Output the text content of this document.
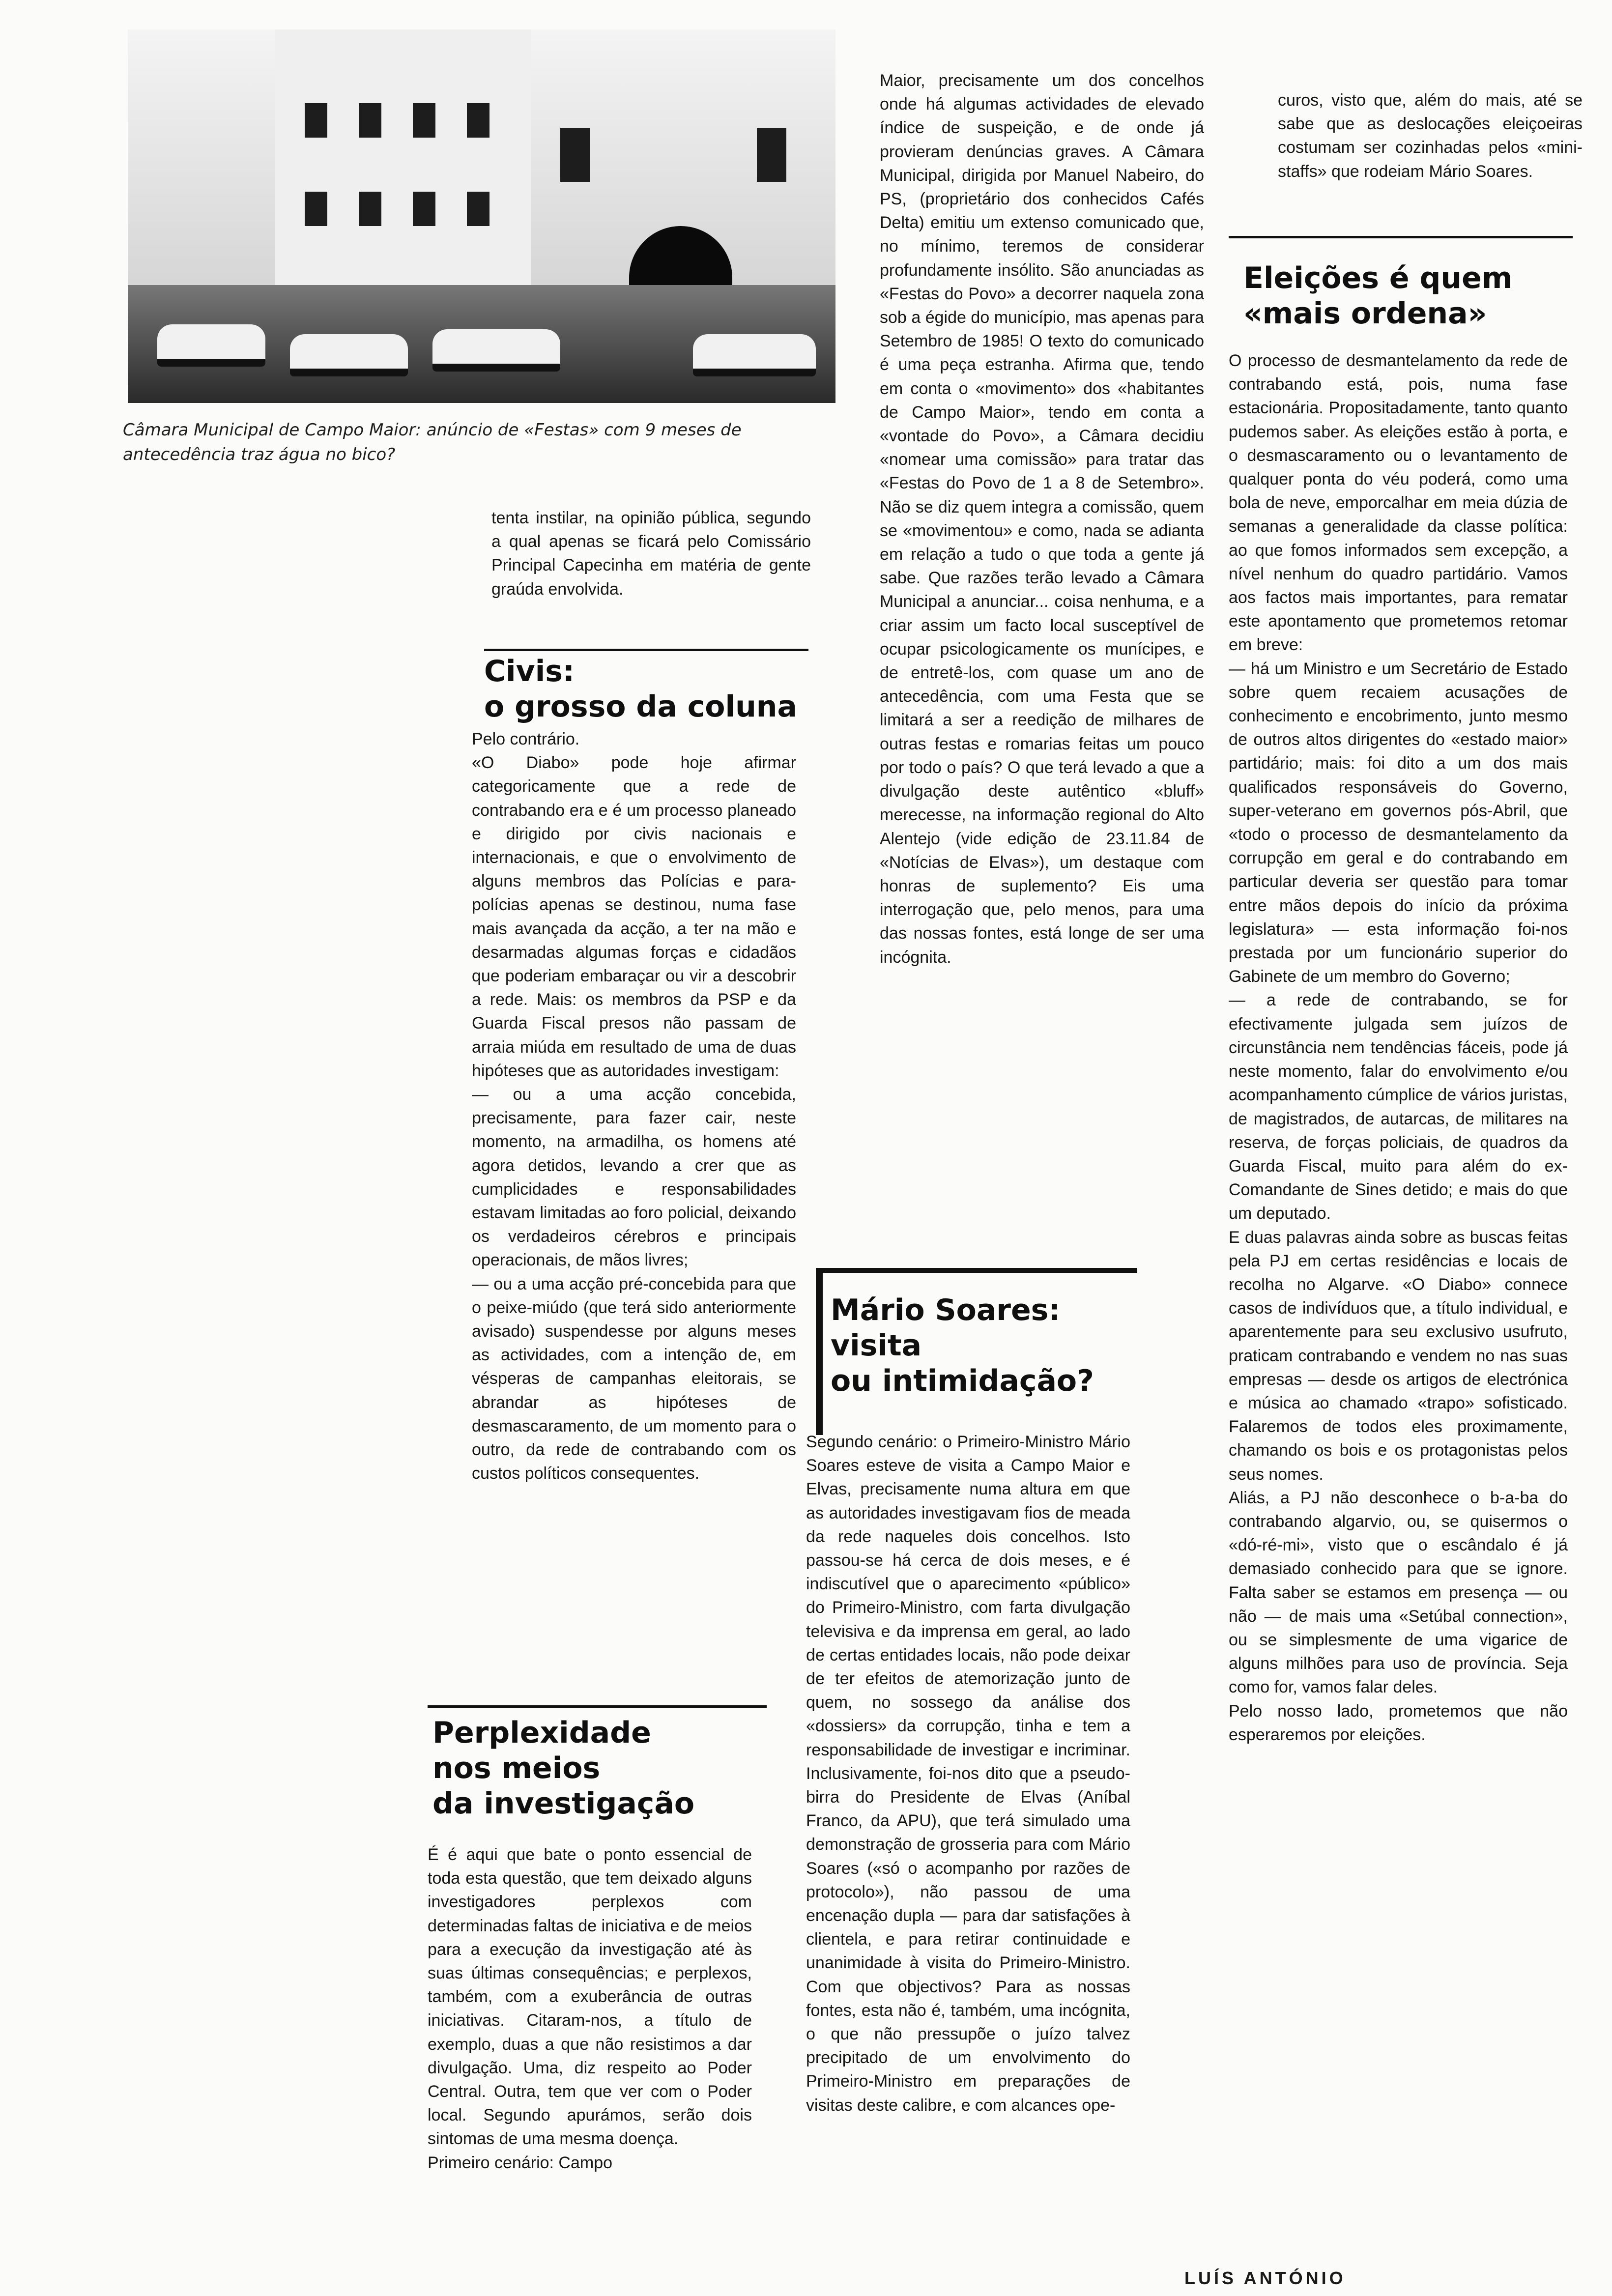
Câmara Municipal de Campo Maior: anúncio de «Festas» com 9 meses de antecedência traz água no bico?

tenta instilar, na opinião pública, segundo a qual apenas se ficará pelo Comissário Principal Capecinha em matéria de gente graúda envolvida.

Civis:
o grosso da coluna

Pelo contrário.

«O Diabo» pode hoje afirmar categoricamente que a rede de contrabando era e é um processo planeado e dirigido por civis nacionais e internacionais, e que o envolvimento de alguns membros das Polícias e para-polícias apenas se destinou, numa fase mais avançada da acção, a ter na mão e desarmadas algumas forças e cidadãos que poderiam embaraçar ou vir a descobrir a rede. Mais: os membros da PSP e da Guarda Fiscal presos não passam de arraia miúda em resultado de uma de duas hipóteses que as autoridades investigam:

— ou a uma acção concebida, precisamente, para fazer cair, neste momento, na armadilha, os homens até agora detidos, levando a crer que as cumplicidades e responsabilidades estavam limitadas ao foro policial, deixando os verdadeiros cérebros e principais operacionais, de mãos livres;

— ou a uma acção pré-concebida para que o peixe-miúdo (que terá sido anteriormente avisado) suspendesse por alguns meses as actividades, com a intenção de, em vésperas de campanhas eleitorais, se abrandar as hipóteses de desmascaramento, de um momento para o outro, da rede de contrabando com os custos políticos consequentes.

Perplexidade
nos meios
da investigação

É é aqui que bate o ponto essencial de toda esta questão, que tem deixado alguns investigadores perplexos com determinadas faltas de iniciativa e de meios para a execução da investigação até às suas últimas consequências; e perplexos, também, com a exuberância de outras iniciativas. Citaram-nos, a título de exemplo, duas a que não resistimos a dar divulgação. Uma, diz respeito ao Poder Central. Outra, tem que ver com o Poder local. Segundo apurámos, serão dois sintomas de uma mesma doença.

Primeiro cenário: Campo

Maior, precisamente um dos concelhos onde há algumas actividades de elevado índice de suspeição, e de onde já provieram denúncias graves. A Câmara Municipal, dirigida por Manuel Nabeiro, do PS, (proprietário dos conhecidos Cafés Delta) emitiu um extenso comunicado que, no mínimo, teremos de considerar profundamente insólito. São anunciadas as «Festas do Povo» a decorrer naquela zona sob a égide do município, mas apenas para Setembro de 1985! O texto do comunicado é uma peça estranha. Afirma que, tendo em conta o «movimento» dos «habitantes de Campo Maior», tendo em conta a «vontade do Povo», a Câmara decidiu «nomear uma comissão» para tratar das «Festas do Povo de 1 a 8 de Setembro». Não se diz quem integra a comissão, quem se «movimentou» e como, nada se adianta em relação a tudo o que toda a gente já sabe. Que razões terão levado a Câmara Municipal a anunciar... coisa nenhuma, e a criar assim um facto local susceptível de ocupar psicologicamente os munícipes, e de entretê-los, com quase um ano de antecedência, com uma Festa que se limitará a ser a reedição de milhares de outras festas e romarias feitas um pouco por todo o país? O que terá levado a que a divulgação deste autêntico «bluff» merecesse, na informação regional do Alto Alentejo (vide edição de 23.11.84 de «Notícias de Elvas»), um destaque com honras de suplemento? Eis uma interrogação que, pelo menos, para uma das nossas fontes, está longe de ser uma incógnita.

Mário Soares:
visita
ou intimidação?

Segundo cenário: o Primeiro-Ministro Mário Soares esteve de visita a Campo Maior e Elvas, precisamente numa altura em que as autoridades investigavam fios de meada da rede naqueles dois concelhos. Isto passou-se há cerca de dois meses, e é indiscutível que o aparecimento «público» do Primeiro-Ministro, com farta divulgação televisiva e da imprensa em geral, ao lado de certas entidades locais, não pode deixar de ter efeitos de atemorização junto de quem, no sossego da análise dos «dossiers» da corrupção, tinha e tem a responsabilidade de investigar e incriminar. Inclusivamente, foi-nos dito que a pseudo-birra do Presidente de Elvas (Aníbal Franco, da APU), que terá simulado uma demonstração de grosseria para com Mário Soares («só o acompanho por razões de protocolo»), não passou de uma encenação dupla — para dar satisfações à clientela, e para retirar continuidade e unanimidade à visita do Primeiro-Ministro. Com que objectivos? Para as nossas fontes, esta não é, também, uma incógnita, o que não pressupõe o juízo talvez precipitado de um envolvimento do Primeiro-Ministro em preparações de visitas deste calibre, e com alcances ope-

curos, visto que, além do mais, até se sabe que as deslocações eleiçoeiras costumam ser cozinhadas pelos «mini-staffs» que rodeiam Mário Soares.

Eleições é quem
«mais ordena»

O processo de desmantelamento da rede de contrabando está, pois, numa fase estacionária. Propositadamente, tanto quanto pudemos saber. As eleições estão à porta, e o desmascaramento ou o levantamento de qualquer ponta do véu poderá, como uma bola de neve, emporcalhar em meia dúzia de semanas a generalidade da classe política: ao que fomos informados sem excepção, a nível nenhum do quadro partidário. Vamos aos factos mais importantes, para rematar este apontamento que prometemos retomar em breve:

— há um Ministro e um Secretário de Estado sobre quem recaiem acusações de conhecimento e encobrimento, junto mesmo de outros altos dirigentes do «estado maior» partidário; mais: foi dito a um dos mais qualificados responsáveis do Governo, super-veterano em governos pós-Abril, que «todo o processo de desmantelamento da corrupção em geral e do contrabando em particular deveria ser questão para tomar entre mãos depois do início da próxima legislatura» — esta informação foi-nos prestada por um funcionário superior do Gabinete de um membro do Governo;

— a rede de contrabando, se for efectivamente julgada sem juízos de circunstância nem tendências fáceis, pode já neste momento, falar do envolvimento e/ou acompanhamento cúmplice de vários juristas, de magistrados, de autarcas, de militares na reserva, de forças policiais, de quadros da Guarda Fiscal, muito para além do ex-Comandante de Sines detido; e mais do que um deputado.

E duas palavras ainda sobre as buscas feitas pela PJ em certas residências e locais de recolha no Algarve. «O Diabo» connece casos de indivíduos que, a título individual, e aparentemente para seu exclusivo usufruto, praticam contrabando e vendem no nas suas empresas — desde os artigos de electrónica e música ao chamado «trapo» sofisticado. Falaremos de todos eles proximamente, chamando os bois e os protagonistas pelos seus nomes.

Aliás, a PJ não desconhece o b-a-ba do contrabando algarvio, ou, se quisermos o «dó-ré-mi», visto que o escândalo é já demasiado conhecido para que se ignore. Falta saber se estamos em presença — ou não — de mais uma «Setúbal connection», ou se simplesmente de uma vigarice de alguns milhões para uso de província. Seja como for, vamos falar deles.

Pelo nosso lado, prometemos que não esperaremos por eleições.

LUÍS ANTÓNIO
